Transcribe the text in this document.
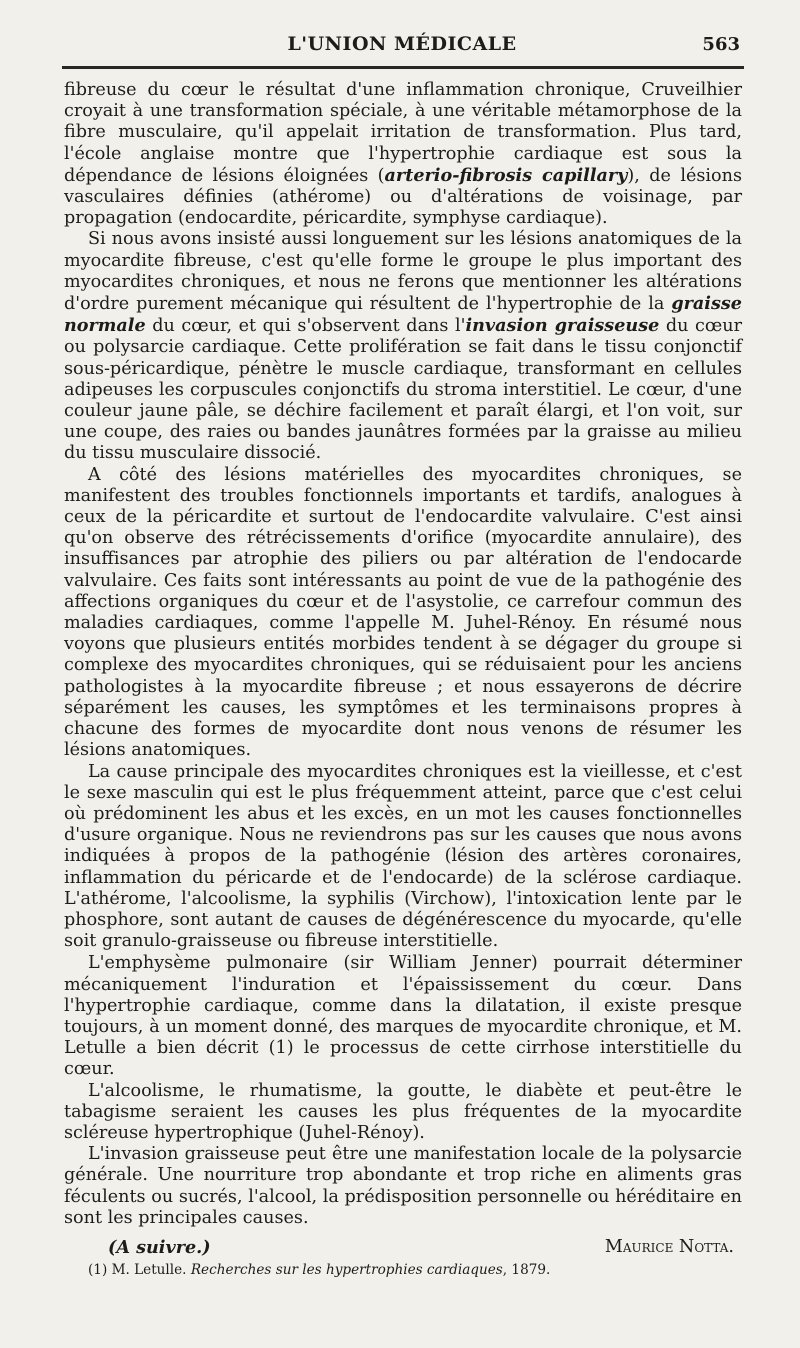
L'UNION MÉDICALE	563

fibreuse du cœur le résultat d'une inflammation chronique, Cruveilhier croyait à une transformation spéciale, à une véritable métamorphose de la fibre musculaire, qu'il appelait irritation de transformation. Plus tard, l'école anglaise montre que l'hypertrophie cardiaque est sous la dépendance de lésions éloignées (arterio-fibrosis capillary), de lésions vasculaires définies (athérome) ou d'altérations de voisinage, par propagation (endocardite, péricardite, symphyse cardiaque).

Si nous avons insisté aussi longuement sur les lésions anatomiques de la myocardite fibreuse, c'est qu'elle forme le groupe le plus important des myocardites chroniques, et nous ne ferons que mentionner les altérations d'ordre purement mécanique qui résultent de l'hypertrophie de la graisse normale du cœur, et qui s'observent dans l'invasion graisseuse du cœur ou polysarcie cardiaque. Cette prolifération se fait dans le tissu conjonctif sous-péricardique, pénètre le muscle cardiaque, transformant en cellules adipeuses les corpuscules conjonctifs du stroma interstitiel. Le cœur, d'une couleur jaune pâle, se déchire facilement et paraît élargi, et l'on voit, sur une coupe, des raies ou bandes jaunâtres formées par la graisse au milieu du tissu musculaire dissocié.

A côté des lésions matérielles des myocardites chroniques, se manifestent des troubles fonctionnels importants et tardifs, analogues à ceux de la péricardite et surtout de l'endocardite valvulaire. C'est ainsi qu'on observe des rétrécissements d'orifice (myocardite annulaire), des insuffisances par atrophie des piliers ou par altération de l'endocarde valvulaire. Ces faits sont intéressants au point de vue de la pathogénie des affections organiques du cœur et de l'asystolie, ce carrefour commun des maladies cardiaques, comme l'appelle M. Juhel-Rénoy. En résumé nous voyons que plusieurs entités morbides tendent à se dégager du groupe si complexe des myocardites chroniques, qui se réduisaient pour les anciens pathologistes à la myocardite fibreuse ; et nous essayerons de décrire séparément les causes, les symptômes et les terminaisons propres à chacune des formes de myocardite dont nous venons de résumer les lésions anatomiques.

La cause principale des myocardites chroniques est la vieillesse, et c'est le sexe masculin qui est le plus fréquemment atteint, parce que c'est celui où prédominent les abus et les excès, en un mot les causes fonctionnelles d'usure organique. Nous ne reviendrons pas sur les causes que nous avons indiquées à propos de la pathogénie (lésion des artères coronaires, inflammation du péricarde et de l'endocarde) de la sclérose cardiaque. L'athérome, l'alcoolisme, la syphilis (Virchow), l'intoxication lente par le phosphore, sont autant de causes de dégénérescence du myocarde, qu'elle soit granulo-graisseuse ou fibreuse interstitielle.

L'emphysème pulmonaire (sir William Jenner) pourrait déterminer mécaniquement l'induration et l'épaississement du cœur. Dans l'hypertrophie cardiaque, comme dans la dilatation, il existe presque toujours, à un moment donné, des marques de myocardite chronique, et M. Letulle a bien décrit (1) le processus de cette cirrhose interstitielle du cœur.

L'alcoolisme, le rhumatisme, la goutte, le diabète et peut-être le tabagisme seraient les causes les plus fréquentes de la myocardite scléreuse hypertrophique (Juhel-Rénoy).

L'invasion graisseuse peut être une manifestation locale de la polysarcie générale. Une nourriture trop abondante et trop riche en aliments gras féculents ou sucrés, l'alcool, la prédisposition personnelle ou héréditaire en sont les principales causes.

(A suivre.)	Maurice Notta.
(1) M. Letulle. Recherches sur les hypertrophies cardiaques, 1879.
